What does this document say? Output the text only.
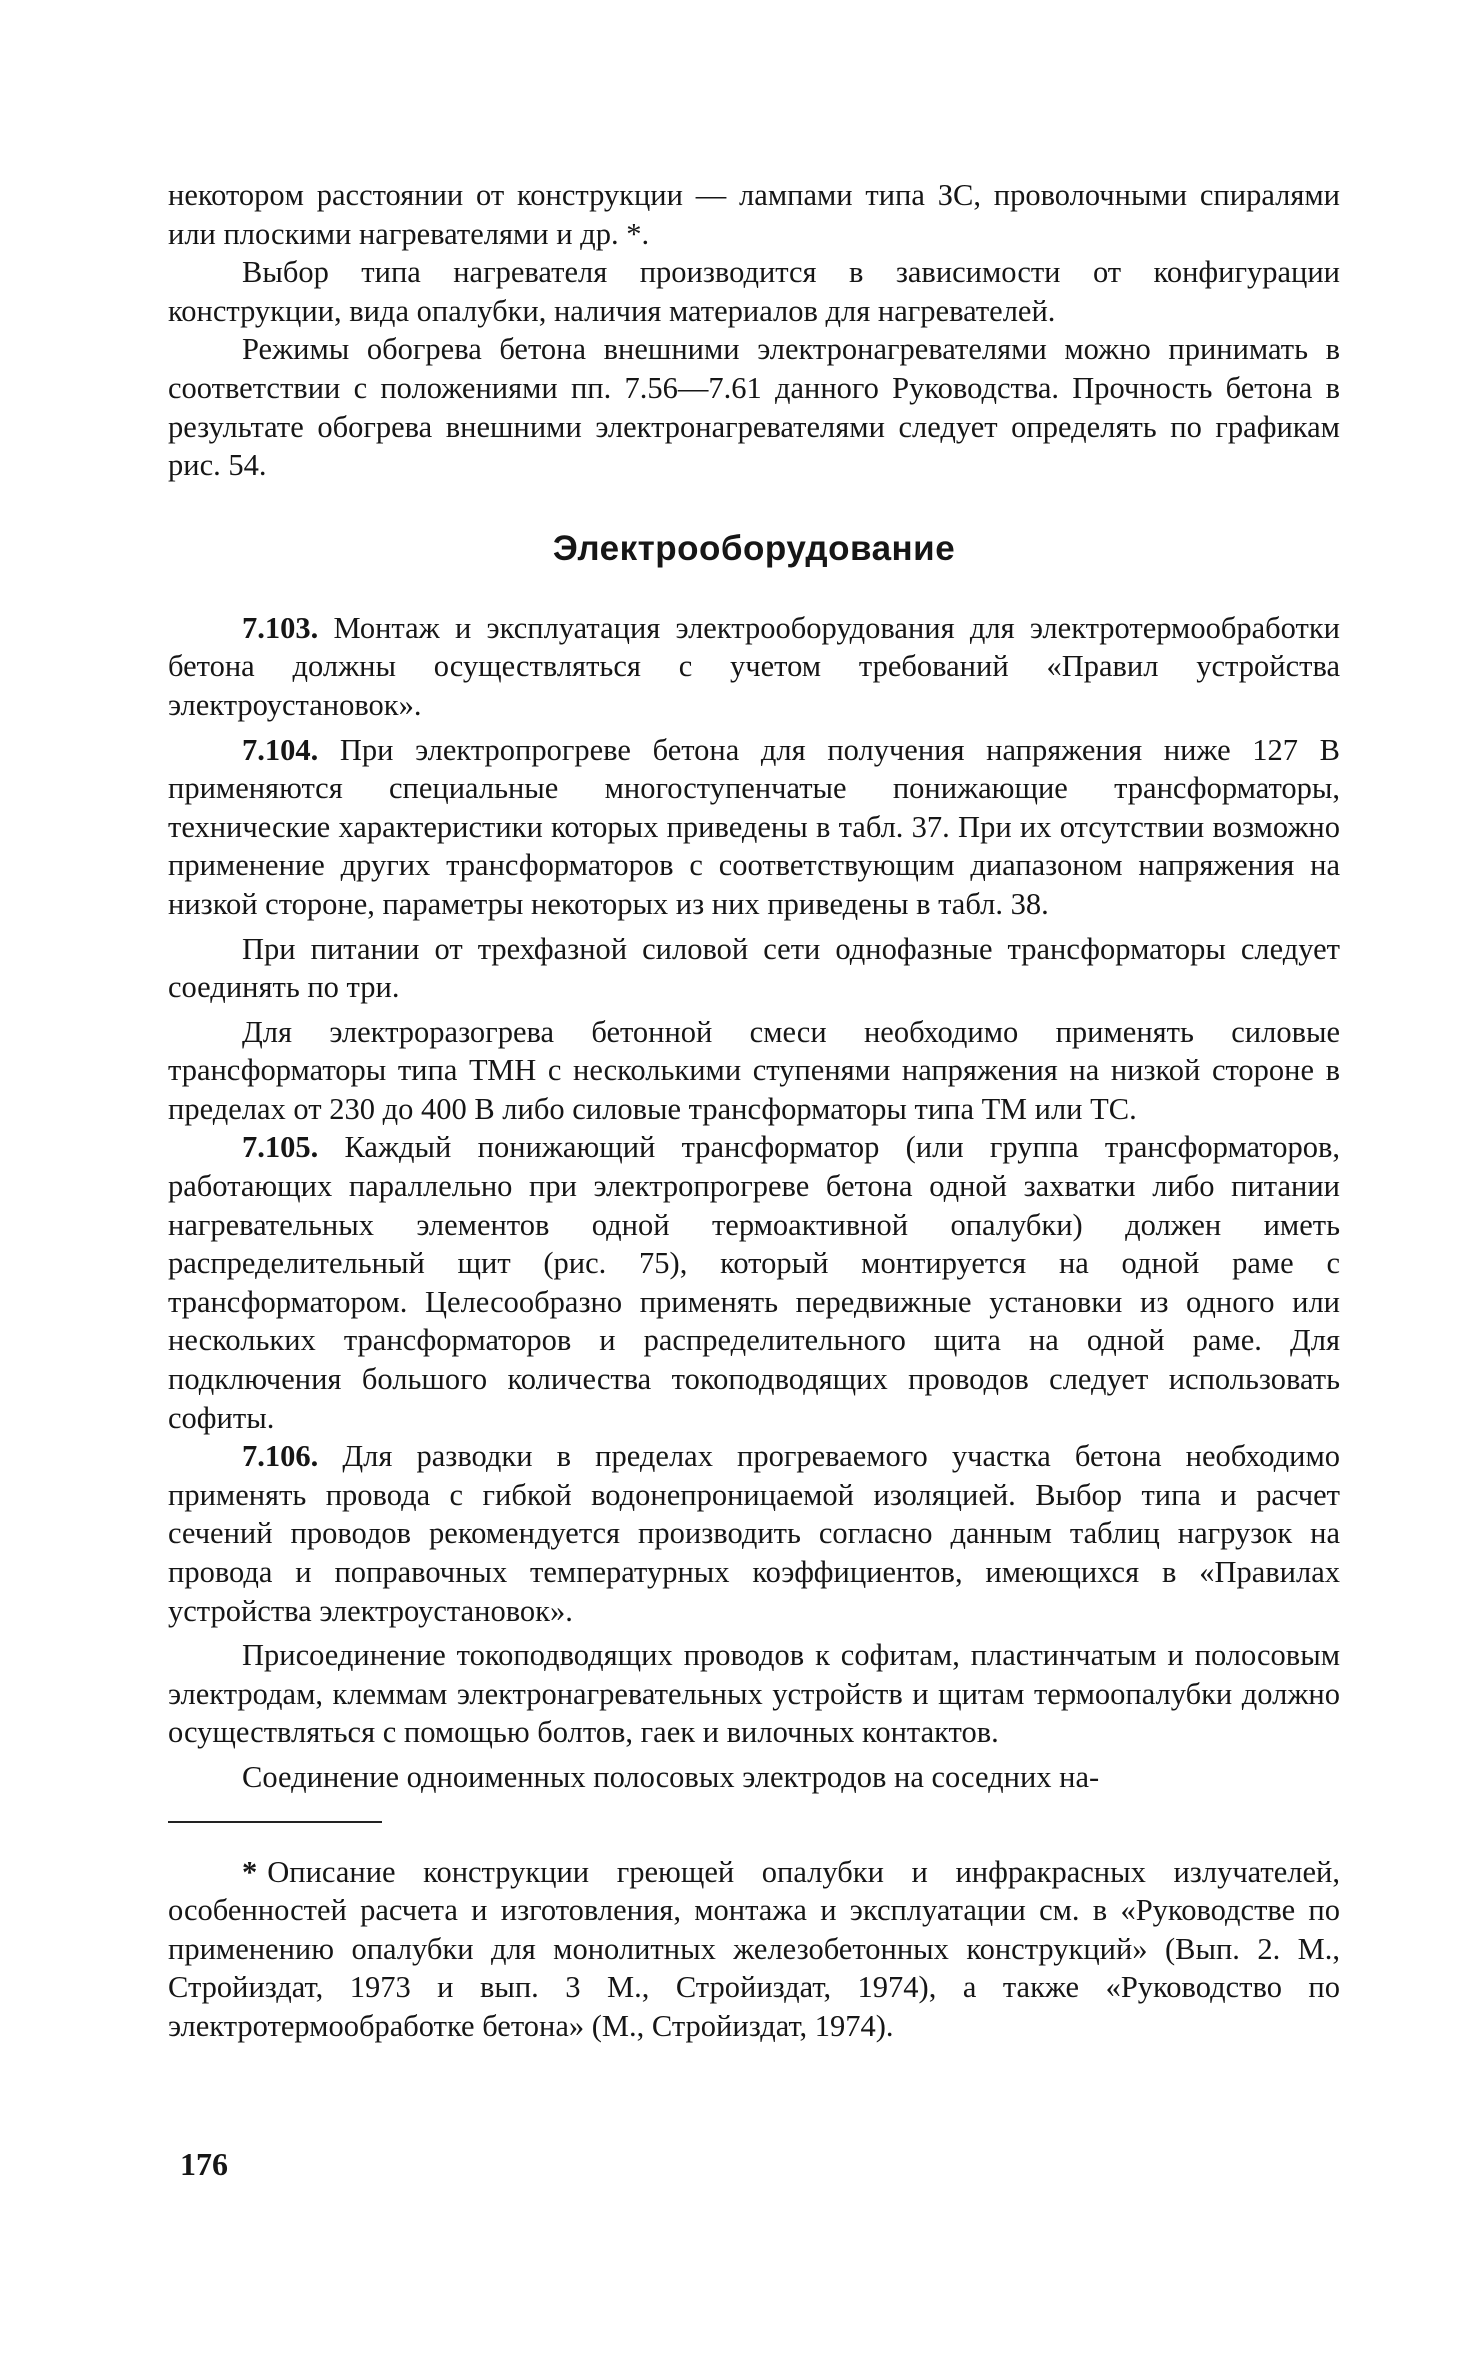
некоторoм расстоянии от конструкции — лампами типа ЗС, проволочными спиралями или плоскими нагревателями и др. *.

Выбор типа нагревателя производится в зависимости от конфигурации конструкции, вида опалубки, наличия материалов для нагревателей.

Режимы обогрева бетона внешними электронагревателями можно принимать в соответствии с положениями пп. 7.56—7.61 данного Руководства. Прочность бетона в результате обогрева внешними электронагревателями следует определять по графикам рис. 54.

Электрооборудование

7.103. Монтаж и эксплуатация электрооборудования для электротермообработки бетона должны осуществляться с учетом требований «Правил устройства электроустановок».

7.104. При электропрогреве бетона для получения напряжения ниже 127 В применяются специальные многоступенчатые понижающие трансформаторы, технические характеристики которых приведены в табл. 37. При их отсутствии возможно применение других трансформаторов с соответствующим диапазоном напряжения на низкой стороне, параметры некоторых из них приведены в табл. 38.

При питании от трехфазной силовой сети однофазные трансформаторы следует соединять по три.

Для электроразогрева бетонной смеси необходимо применять силовые трансформаторы типа ТМН с несколькими ступенями напряжения на низкой стороне в пределах от 230 до 400 В либо силовые трансформаторы типа ТМ или ТС.

7.105. Каждый понижающий трансформатор (или группа трансформаторов, работающих параллельно при электропрогреве бетона одной захватки либо питании нагревательных элементов одной термоактивной опалубки) должен иметь распределительный щит (рис. 75), который монтируется на одной раме с трансформатором. Целесообразно применять передвижные установки из одного или нескольких трансформаторов и распределительного щита на одной раме. Для подключения большого количества токоподводящих проводов следует использовать софиты.

7.106. Для разводки в пределах прогреваемого участка бетона необходимо применять провода с гибкой водонепроницаемой изоляцией. Выбор типа и расчет сечений проводов рекомендуется производить согласно данным таблиц нагрузок на провода и поправочных температурных коэффициентов, имеющихся в «Правилах устройства электроустановок».

Присоединение токоподводящих проводов к софитам, пластинчатым и полосовым электродам, клеммам электронагревательных устройств и щитам термоопалубки должно осуществляться с помощью болтов, гаек и вилочных контактов.

Соединение одноименных полосовых электродов на соседних на-

* Описание конструкции греющей опалубки и инфракрасных излучателей, особенностей расчета и изготовления, монтажа и эксплуатации см. в «Руководстве по применению опалубки для монолитных железобетонных конструкций» (Вып. 2. М., Стройиздат, 1973 и вып. 3 М., Стройиздат, 1974), а также «Руководство по электротермообработке бетона» (М., Стройиздат, 1974).

176
